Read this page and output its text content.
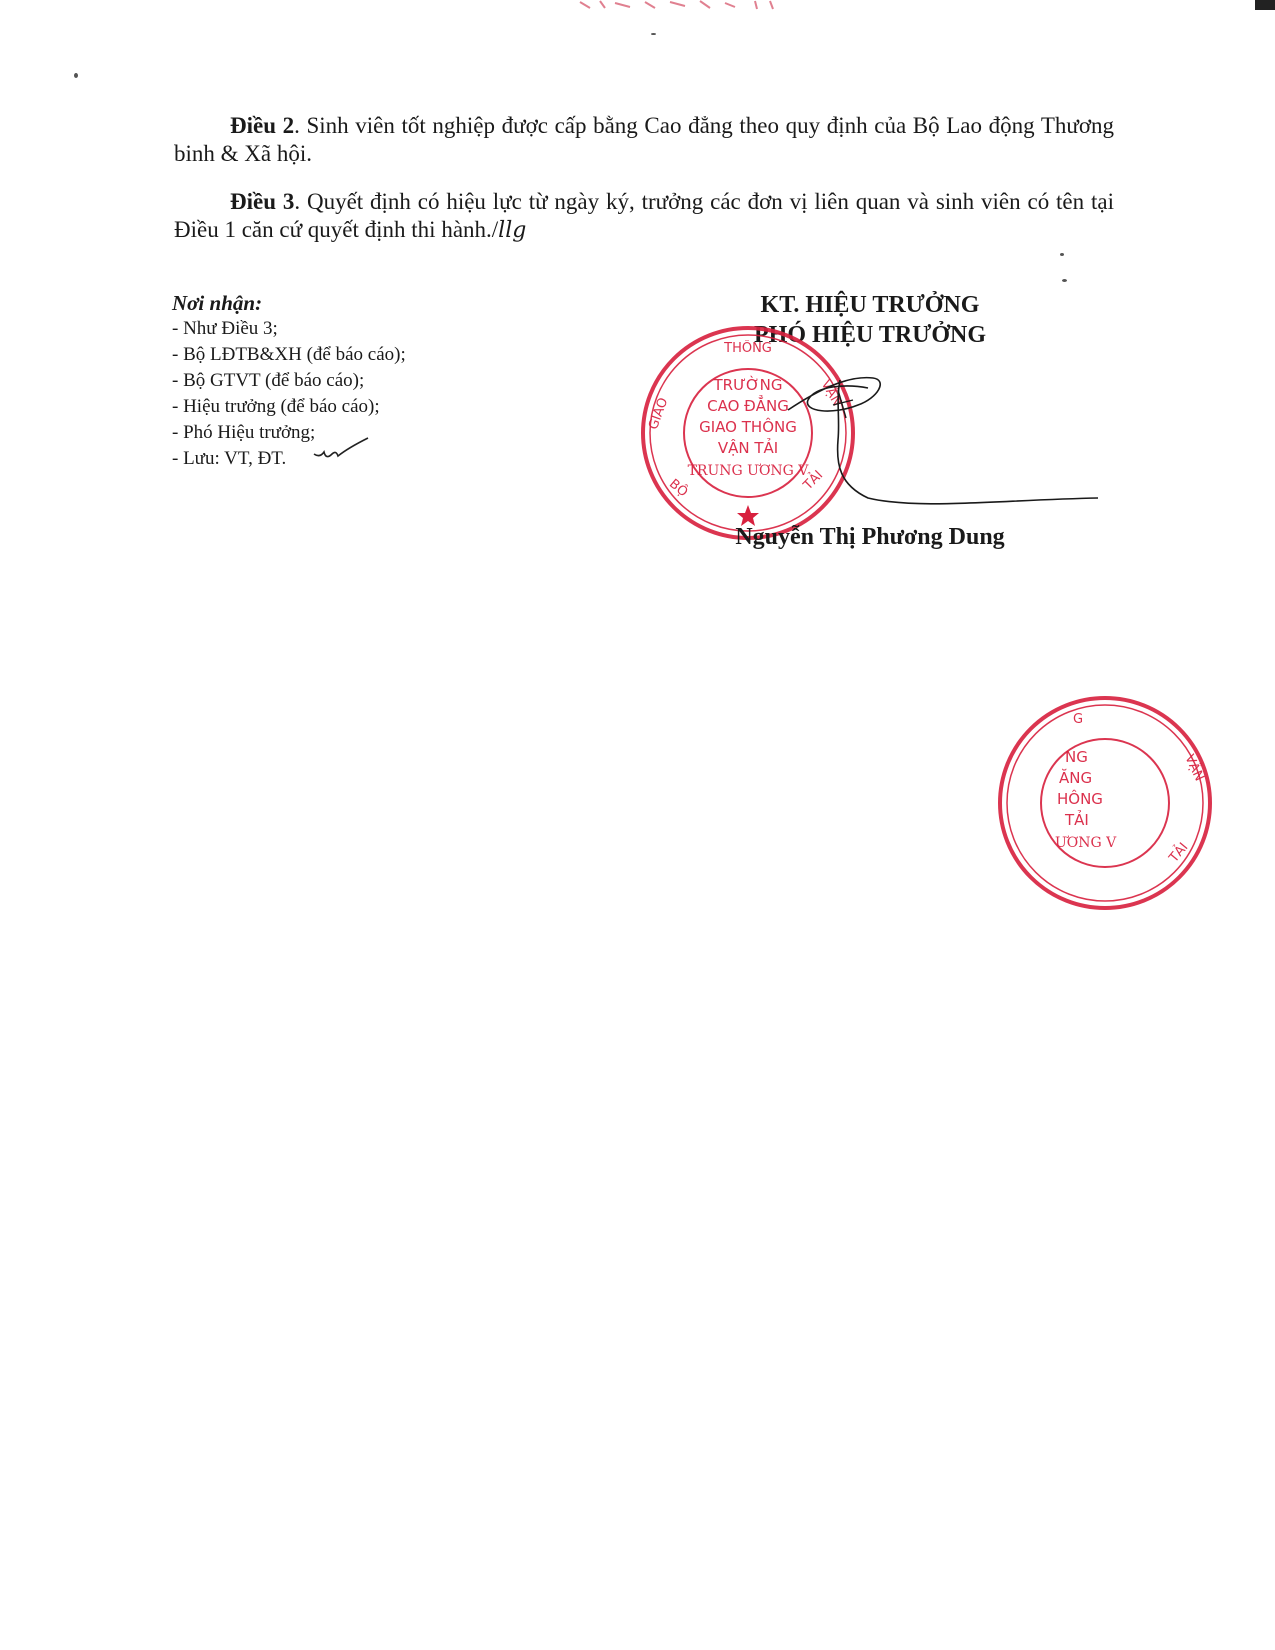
Điều 2. Sinh viên tốt nghiệp được cấp bằng Cao đẳng theo quy định của Bộ Lao động Thương binh & Xã hội.

Điều 3. Quyết định có hiệu lực từ ngày ký, trưởng các đơn vị liên quan và sinh viên có tên tại Điều 1 căn cứ quyết định thi hành./llg

Nơi nhận:
- Như Điều 3;
- Bộ LĐTB&XH (để báo cáo);
- Bộ GTVT (để báo cáo);
- Hiệu trưởng (để báo cáo);
- Phó Hiệu trưởng;
- Lưu: VT, ĐT.
KT. HIỆU TRƯỞNG
PHÓ HIỆU TRƯỞNG
THÔNG
GIAO
BỘ
VẬN
TẢI
TRƯỜNG
CAO ĐẲNG
GIAO THÔNG
VẬN TẢI
TRUNG ƯƠNG V
Nguyễn Thị Phương Dung
G
VẬN
TẢI
NG
ĂNG
HÔNG
TẢI
ƯƠNG V
